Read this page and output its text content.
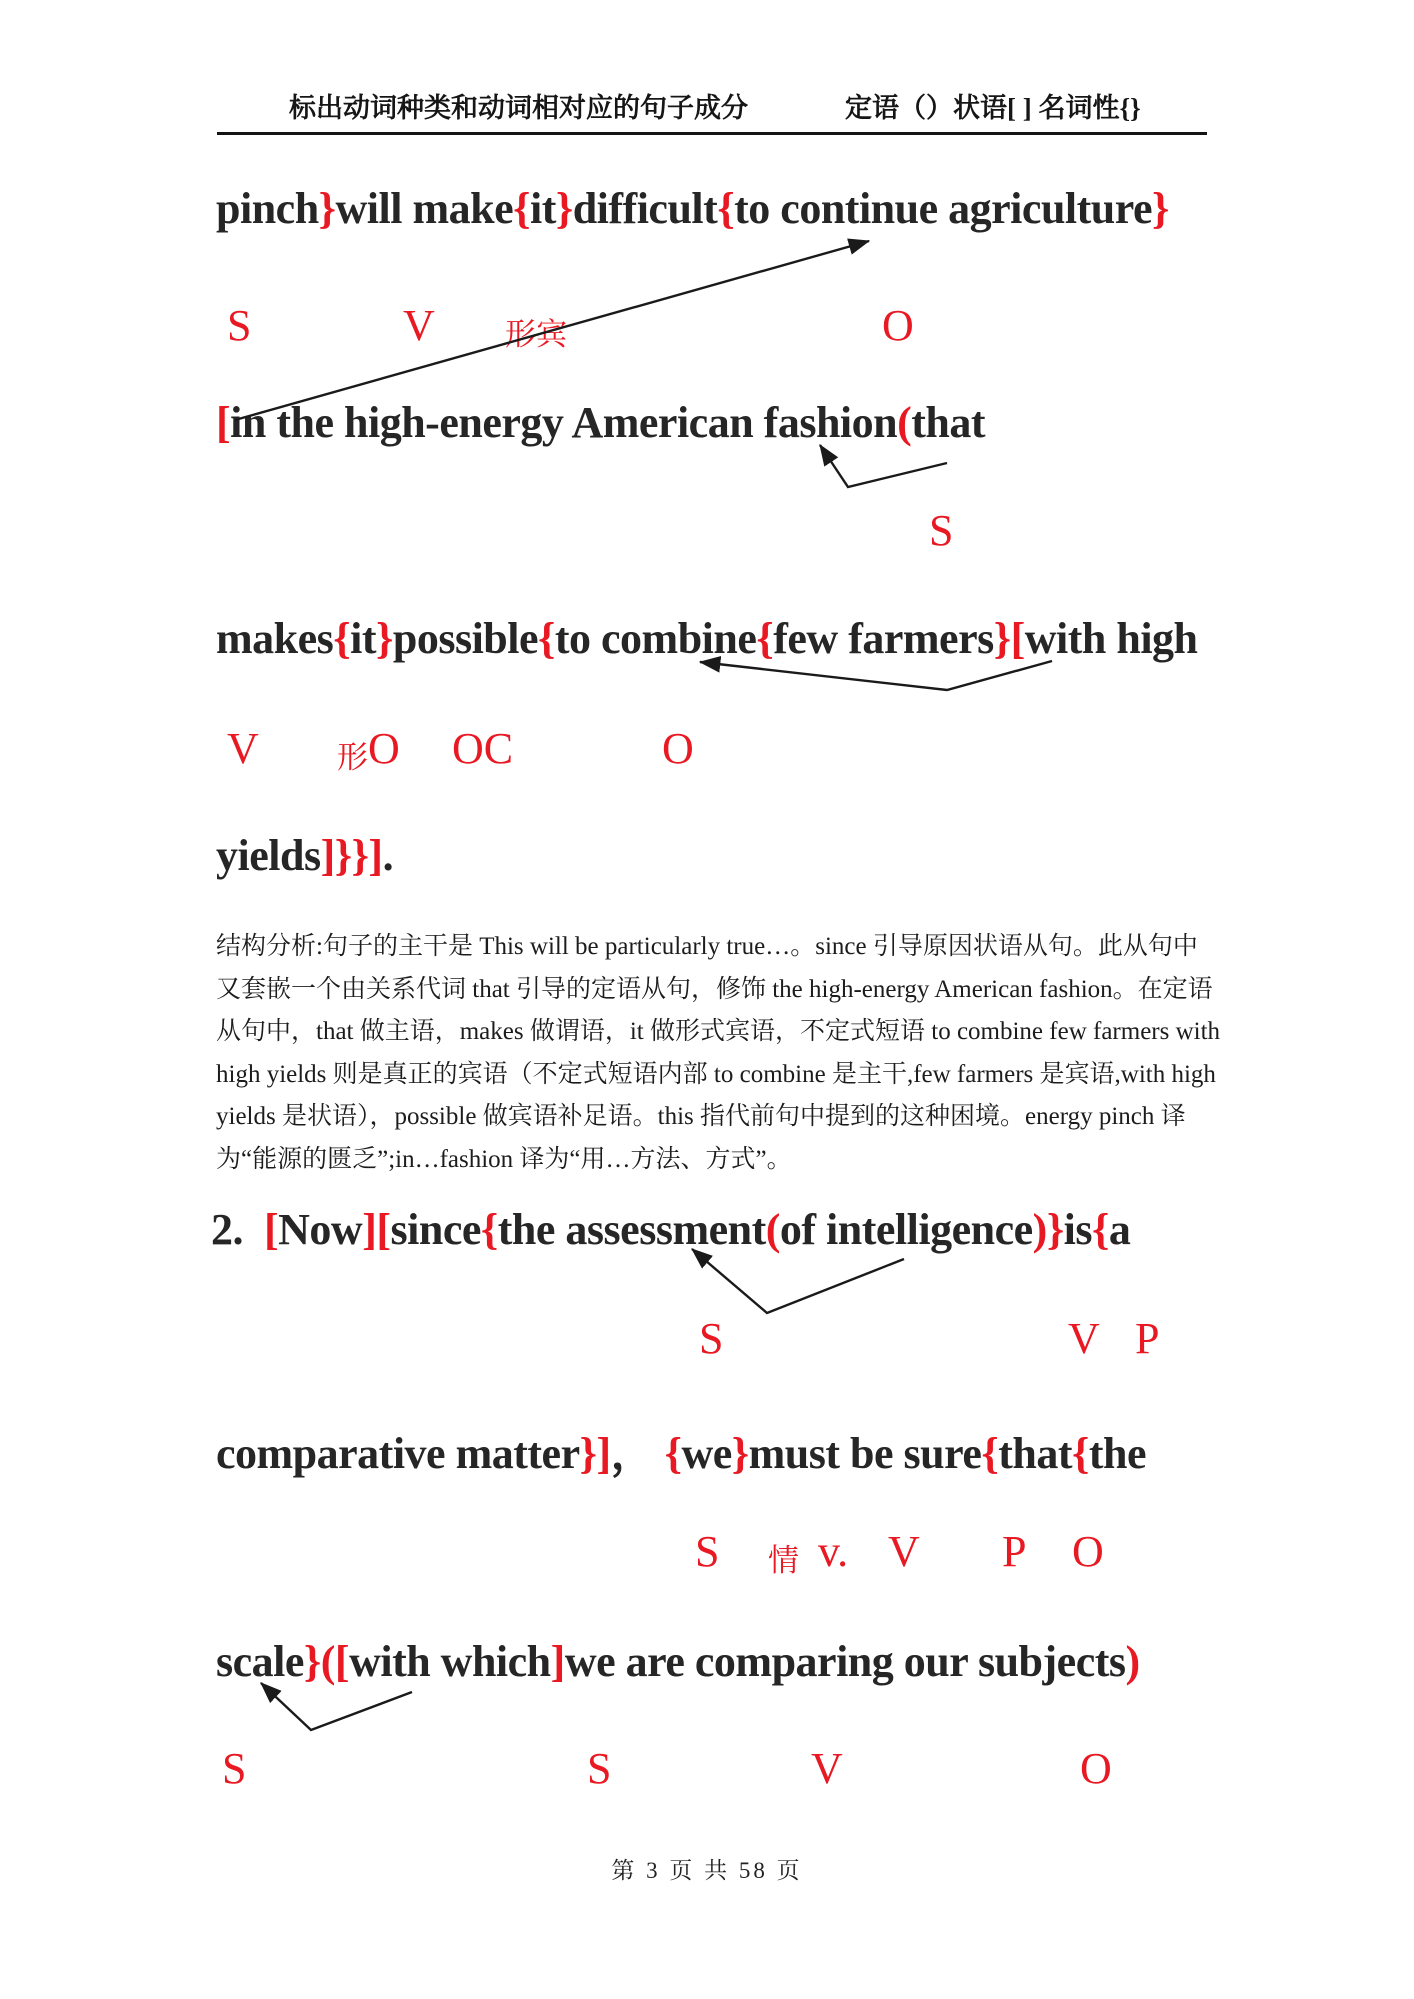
标出动词种类和动词相对应的句子成分	定语（）状语[ ] 名词性{}
pinch}will make{it}difficult{to continue agriculture}
[in the high-energy American fashion(that
makes{it}possible{to combine{few farmers}[with high
yields]}}].
2.  [Now][since{the assessment(of intelligence)}is{a
comparative matter}]， {we}must be sure{that{the
scale}([with which]we are comparing our subjects)
S	V 形宾	O
S
V	形 O OC	O
S	V P
S 情 v. V P O
S	S	V	O
结构分析:句子的主干是 This will be particularly true…。since 引导原因状语从句。此从句中
又套嵌一个由关系代词 that 引导的定语从句，修饰 the high-energy American fashion。在定语
从句中，that 做主语，makes 做谓语，it 做形式宾语，不定式短语 to combine few farmers with
high yields 则是真正的宾语（不定式短语内部 to combine 是主干,few farmers 是宾语,with high
yields 是状语），possible 做宾语补足语。this 指代前句中提到的这种困境。energy pinch 译
为“能源的匮乏”;in…fashion 译为“用…方法、方式”。
第 3 页 共 58 页
